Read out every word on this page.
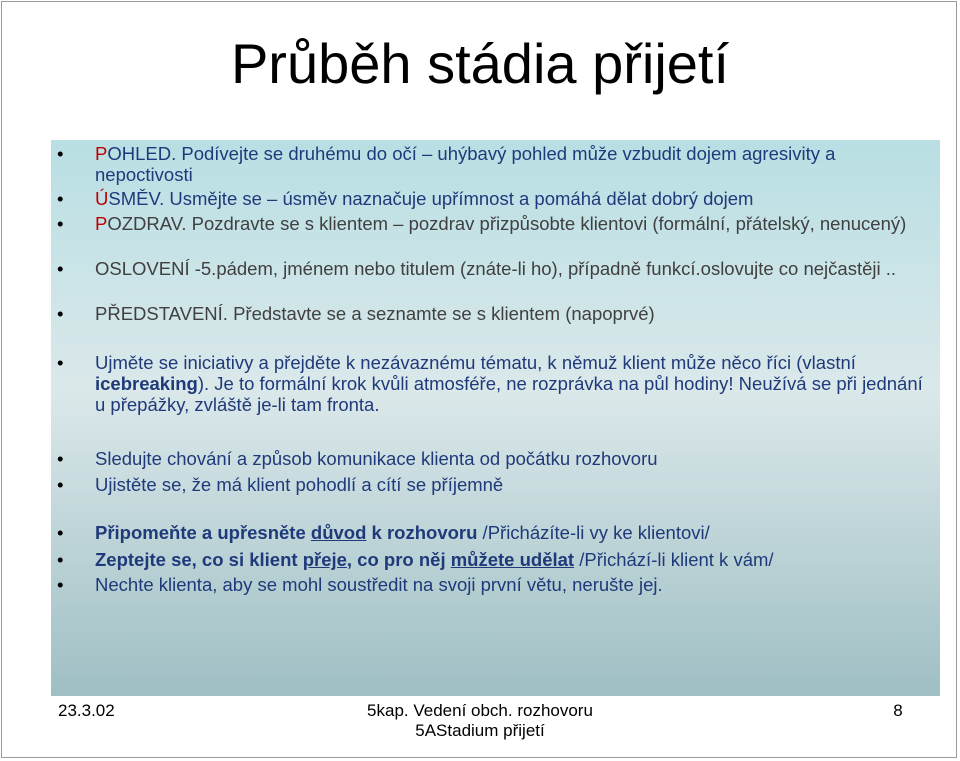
Průběh stádia přijetí
• POHLED. Podívejte se druhému do očí – uhýbavý pohled může vzbudit dojem agresivity a nepoctivosti
• ÚSMĚV. Usmějte se – úsměv naznačuje upřímnost a pomáhá dělat dobrý dojem
• POZDRAV. Pozdravte se s klientem – pozdrav přizpůsobte klientovi (formální, přátelský, nenucený)
• OSLOVENÍ -5.pádem, jménem nebo titulem (znáte-li ho), případně funkcí.oslovujte co nejčastěji ..
• PŘEDSTAVENÍ. Představte se a seznamte se s klientem (napoprvé)
• Ujměte se iniciativy a přejděte k nezávaznému tématu, k němuž klient může něco říci (vlastní icebreaking). Je to formální krok kvůli atmosféře, ne rozprávka na půl hodiny! Neužívá se při jednání u přepážky, zvláště je-li tam fronta.
• Sledujte chování a způsob komunikace klienta od počátku rozhovoru
• Ujistěte se, že má klient pohodlí a cítí se příjemně
• Připomeňte a upřesněte důvod k rozhovoru /Přicházíte-li vy ke klientovi/
• Zeptejte se, co si klient přeje, co pro něj můžete udělat /Přichází-li klient k vám/
• Nechte klienta, aby se mohl soustředit na svoji první větu, nerušte jej.
23.3.02	5kap. Vedení obch. rozhovoru
5AStadium přijetí
8
